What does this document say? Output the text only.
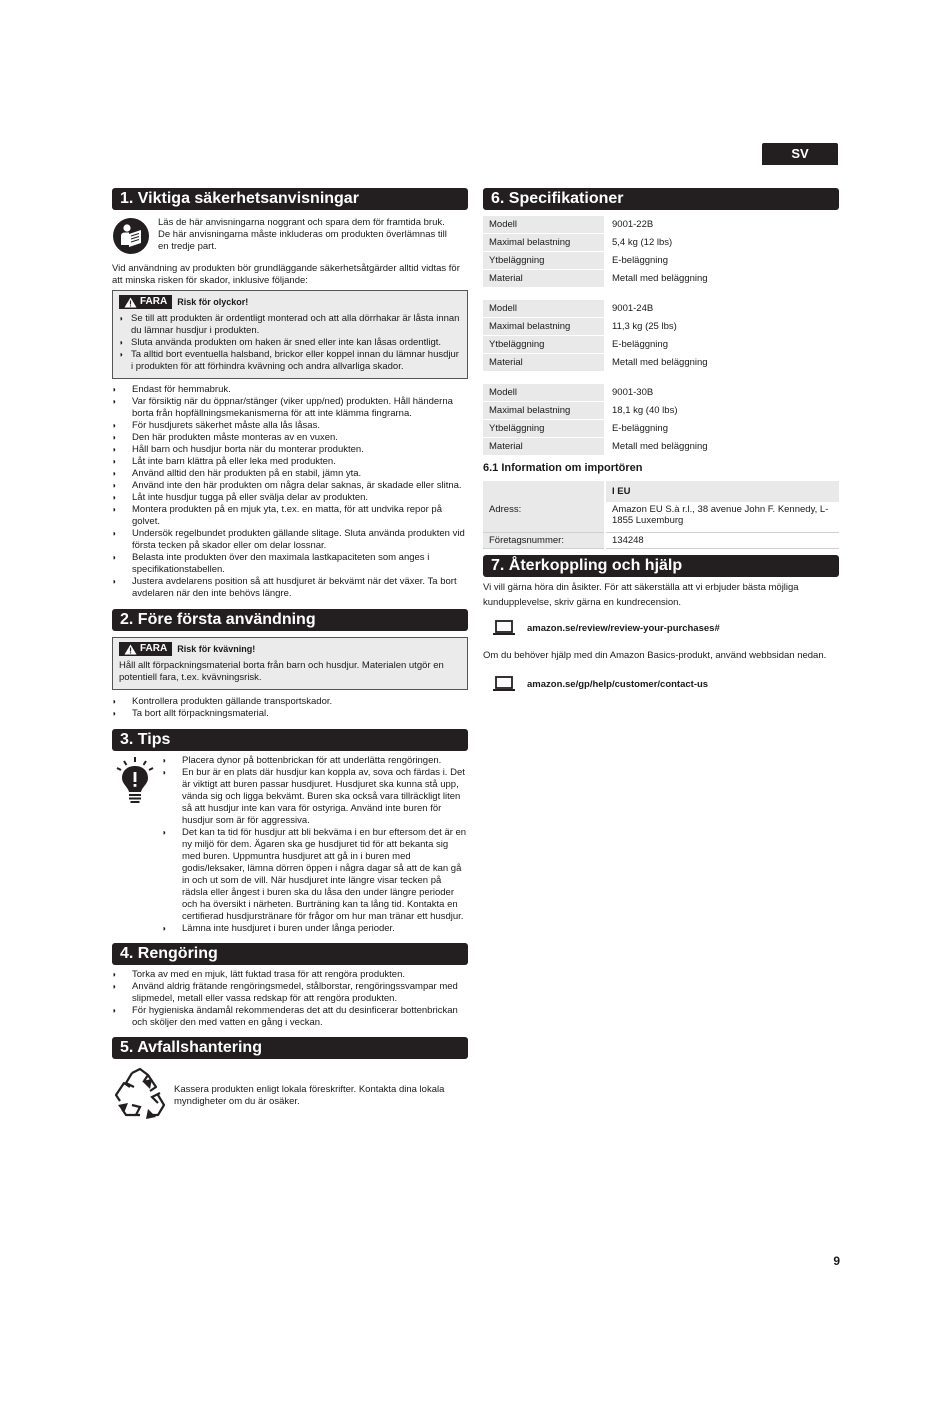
SV
1. Viktiga säkerhetsanvisningar
Läs de här anvisningarna noggrant och spara dem för framtida bruk. De här anvisningarna måste inkluderas om produkten överlämnas till en tredje part.
Vid användning av produkten bör grundläggande säkerhetsåtgärder alltid vidtas för att minska risken för skador, inklusive följande:
FARA Risk för olyckor!
◗ Se till att produkten är ordentligt monterad och att alla dörrhakar är låsta innan du lämnar husdjur i produkten.
◗ Sluta använda produkten om haken är sned eller inte kan låsas ordentligt.
◗ Ta alltid bort eventuella halsband, brickor eller koppel innan du lämnar husdjur i produkten för att förhindra kvävning och andra allvarliga skador.
◗ Endast för hemmabruk.
◗ Var försiktig när du öppnar/stänger (viker upp/ned) produkten. Håll händerna borta från hopfällningsmekanismerna för att inte klämma fingrarna.
◗ För husdjurets säkerhet måste alla lås låsas.
◗ Den här produkten måste monteras av en vuxen.
◗ Håll barn och husdjur borta när du monterar produkten.
◗ Låt inte barn klättra på eller leka med produkten.
◗ Använd alltid den här produkten på en stabil, jämn yta.
◗ Använd inte den här produkten om några delar saknas, är skadade eller slitna.
◗ Låt inte husdjur tugga på eller svälja delar av produkten.
◗ Montera produkten på en mjuk yta, t.ex. en matta, för att undvika repor på golvet.
◗ Undersök regelbundet produkten gällande slitage. Sluta använda produkten vid första tecken på skador eller om delar lossnar.
◗ Belasta inte produkten över den maximala lastkapaciteten som anges i specifikationstabellen.
◗ Justera avdelarens position så att husdjuret är bekvämt när det växer. Ta bort avdelaren när den inte behövs längre.
2. Före första användning
FARA Risk för kvävning!
Håll allt förpackningsmaterial borta från barn och husdjur. Materialen utgör en potentiell fara, t.ex. kvävningsrisk.
◗ Kontrollera produkten gällande transportskador.
◗ Ta bort allt förpackningsmaterial.
3. Tips
◗ Placera dynor på bottenbrickan för att underlätta rengöringen.
◗ En bur är en plats där husdjur kan koppla av, sova och färdas i. Det är viktigt att buren passar husdjuret. Husdjuret ska kunna stå upp, vända sig och ligga bekvämt. Buren ska också vara tillräckligt liten så att husdjur inte kan vara för ostyriga. Använd inte buren för husdjur som är för aggressiva.
◗ Det kan ta tid för husdjur att bli bekväma i en bur eftersom det är en ny miljö för dem. Ägaren ska ge husdjuret tid för att bekanta sig med buren. Uppmuntra husdjuret att gå in i buren med godis/leksaker, lämna dörren öppen i några dagar så att de kan gå in och ut som de vill. När husdjuret inte längre visar tecken på rädsla eller ångest i buren ska du låsa den under längre perioder och ha översikt i närheten. Burträning kan ta lång tid. Kontakta en certifierad husdjurstränare för frågor om hur man tränar ett husdjur.
◗ Lämna inte husdjuret i buren under långa perioder.
4. Rengöring
◗ Torka av med en mjuk, lätt fuktad trasa för att rengöra produkten.
◗ Använd aldrig frätande rengöringsmedel, stålborstar, rengöringssvampar med slipmedel, metall eller vassa redskap för att rengöra produkten.
◗ För hygieniska ändamål rekommenderas det att du desinficerar bottenbrickan och sköljer den med vatten en gång i veckan.
5. Avfallshantering
Kassera produkten enligt lokala föreskrifter. Kontakta dina lokala myndigheter om du är osäker.
6. Specifikationer
Modell	9001-22B
Maximal belastning	5,4 kg (12 lbs)
Ytbeläggning	E-beläggning
Material	Metall med beläggning
Modell	9001-24B
Maximal belastning	11,3 kg (25 lbs)
Ytbeläggning	E-beläggning
Material	Metall med beläggning
Modell	9001-30B
Maximal belastning	18,1 kg (40 lbs)
Ytbeläggning	E-beläggning
Material	Metall med beläggning
6.1 Information om importören
	I EU
Adress:	Amazon EU S.à r.l., 38 avenue John F. Kennedy, L-1855 Luxemburg
Företagsnummer:	134248
7. Återkoppling och hjälp
Vi vill gärna höra din åsikter. För att säkerställa att vi erbjuder bästa möjliga kundupplevelse, skriv gärna en kundrecension.
amazon.se/review/review-your-purchases#
Om du behöver hjälp med din Amazon Basics-produkt, använd webbsidan nedan.
amazon.se/gp/help/customer/contact-us
9
